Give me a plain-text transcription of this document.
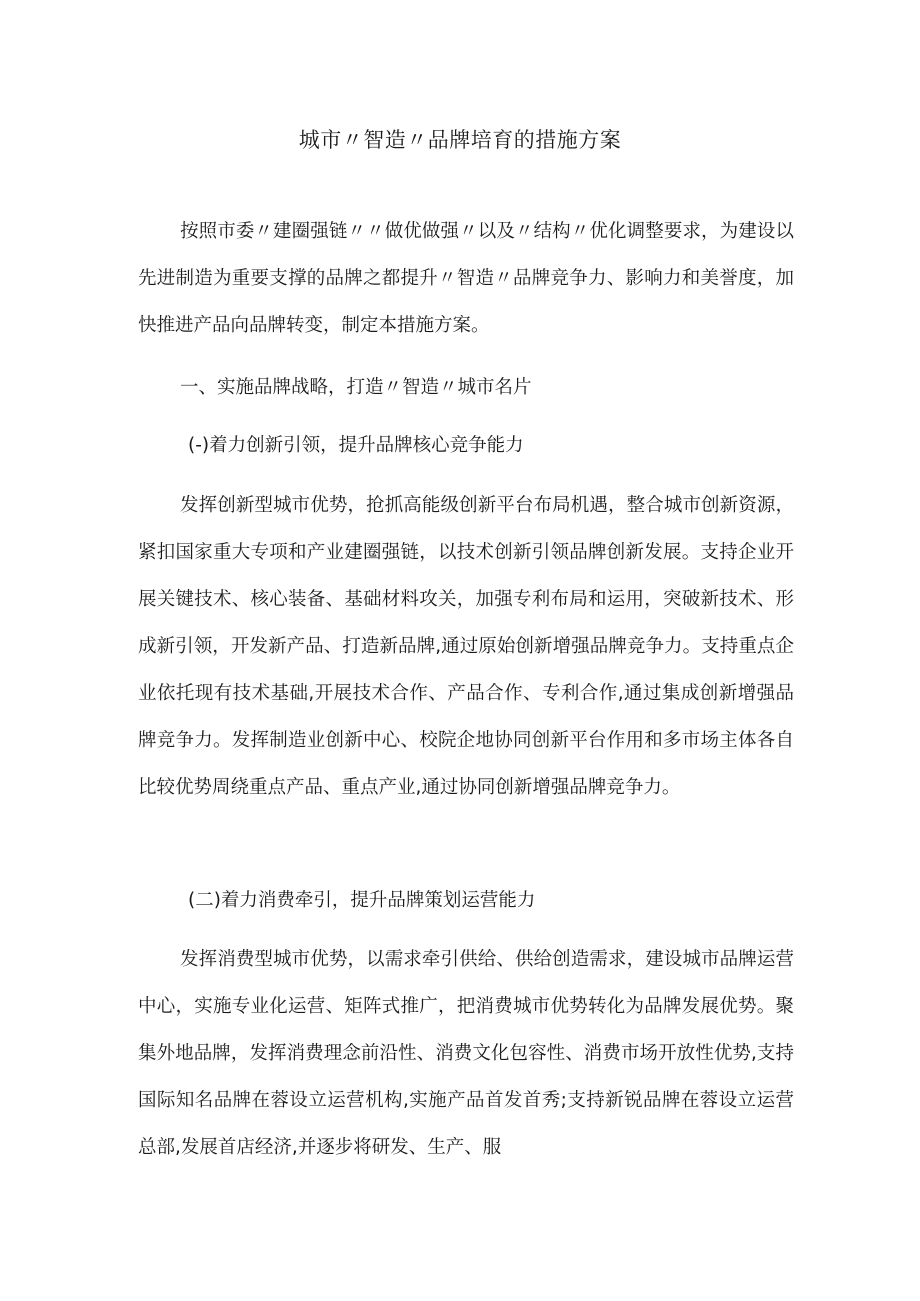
城市〃智造〃品牌培育的措施方案

按照市委〃建圈强链〃〃做优做强〃以及〃结构〃优化调整要求，为建设以先进制造为重要支撑的品牌之都提升〃智造〃品牌竞争力、影响力和美誉度，加快推进产品向品牌转变，制定本措施方案。

一、实施品牌战略，打造〃智造〃城市名片

(-)着力创新引领，提升品牌核心竞争能力

发挥创新型城市优势，抢抓高能级创新平台布局机遇，整合城市创新资源，紧扣国家重大专项和产业建圈强链，以技术创新引领品牌创新发展。支持企业开展关键技术、核心装备、基础材料攻关，加强专利布局和运用，突破新技术、形成新引领，开发新产品、打造新品牌,通过原始创新增强品牌竞争力。支持重点企业依托现有技术基础,开展技术合作、产品合作、专利合作,通过集成创新增强品牌竞争力。发挥制造业创新中心、校院企地协同创新平台作用和多市场主体各自比较优势周绕重点产品、重点产业,通过协同创新增强品牌竞争力。

(二)着力消费牵引，提升品牌策划运营能力

发挥消费型城市优势，以需求牵引供给、供给创造需求，建设城市品牌运营中心，实施专业化运营、矩阵式推广，把消费城市优势转化为品牌发展优势。聚集外地品牌，发挥消费理念前沿性、消费文化包容性、消费市场开放性优势,支持国际知名品牌在蓉设立运营机构,实施产品首发首秀;支持新锐品牌在蓉设立运营总部,发展首店经济,并逐步将研发、生产、服
